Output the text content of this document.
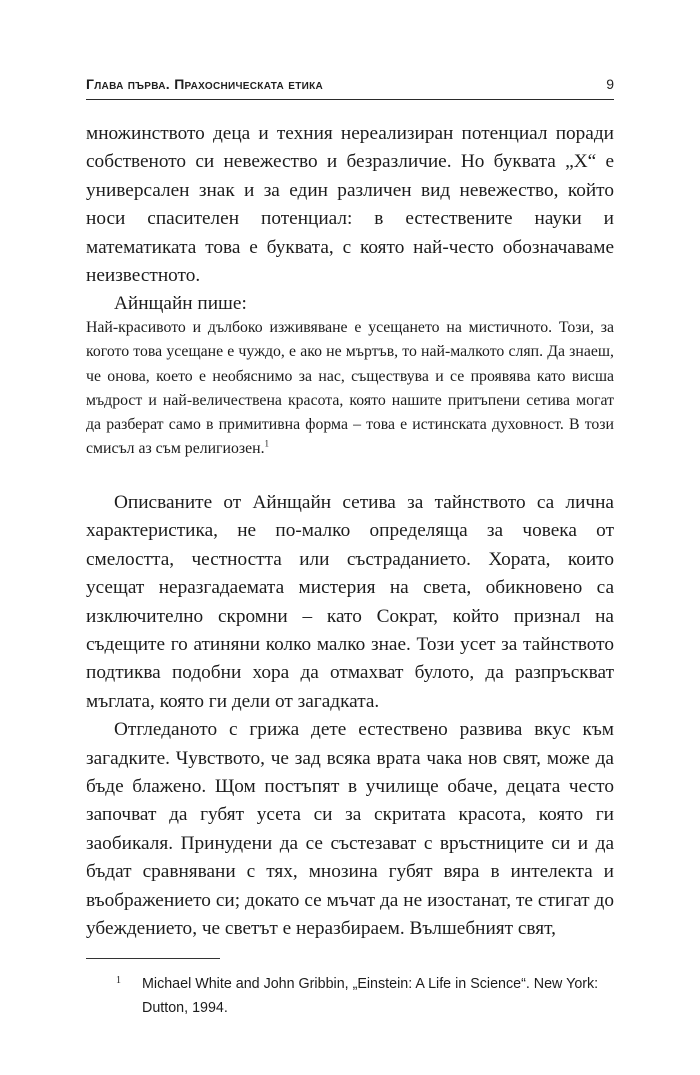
Глава първа. Прахосническата етика	9

множинството деца и техния нереализиран потенциал поради собственото си невежество и безразличие. Но буквата „Х“ е универсален знак и за един различен вид невежество, който носи спасителен потенциал: в естествените науки и математиката това е буквата, с която най-често обозначаваме неизвестното.

Айнщайн пише:

Най-красивото и дълбоко изживяване е усещането на мистичното. Този, за когото това усещане е чуждо, е ако не мъртъв, то най-малкото сляп. Да знаеш, че онова, което е необяснимо за нас, съществува и се проявява като висша мъдрост и най-величествена красота, която нашите притъпени сетива могат да разберат само в примитивна форма – това е истинската духовност. В този смисъл аз съм религиозен.$^1$

Описваните от Айнщайн сетива за тайнството са лична характеристика, не по-малко определяща за човека от смелостта, честността или състраданието. Хората, които усещат неразгадаемата мистерия на света, обикновено са изключително скромни – като Сократ, който признал на съдещите го атиняни колко малко знае. Този усет за тайнството подтиква подобни хора да отмахват булото, да разпръскват мъглата, която ги дели от загадката.

Отгледаното с грижа дете естествено развива вкус към загадките. Чувството, че зад всяка врата чака нов свят, може да бъде блажено. Щом постъпят в училище обаче, децата често започват да губят усета си за скритата красота, която ги заобикаля. Принудени да се състезават с връстниците си и да бъдат сравнявани с тях, мнозина губят вяра в интелекта и въображението си; докато се мъчат да не изостанат, те стигат до убеждението, че светът е неразбираем. Вълшебният свят,

1	Michael White and John Gribbin, „Einstein: A Life in Science“. New York: Dutton, 1994.
